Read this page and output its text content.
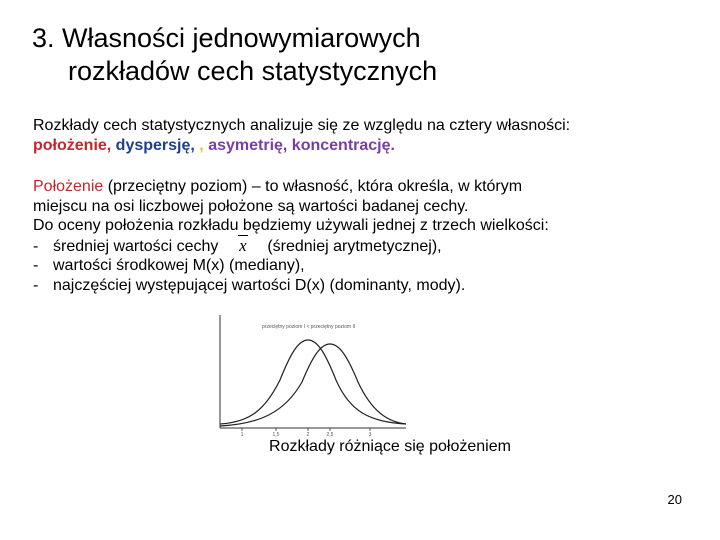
3. Własności jednowymiarowych
rozkładów cech statystycznych
Rozkłady cech statystycznych analizuje się ze względu na cztery własności:
położenie, dyspersję, , asymetrię, koncentrację.
Położenie (przeciętny poziom) – to własność, która określa, w którym
miejscu na osi liczbowej położone są wartości badanej cechy.
Do oceny położenia rozkładu będziemy używali jednej z trzech wielkości:
- średniej wartości cechy x (średniej arytmetycznej),
- wartości środkowej M(x) (mediany),
- najczęściej występującej wartości D(x) (dominanty, mody).
przeciętny poziom I < przeciętny poziom II
1	1,5	2	2,5	3
Rozkłady różniące się położeniem
20
